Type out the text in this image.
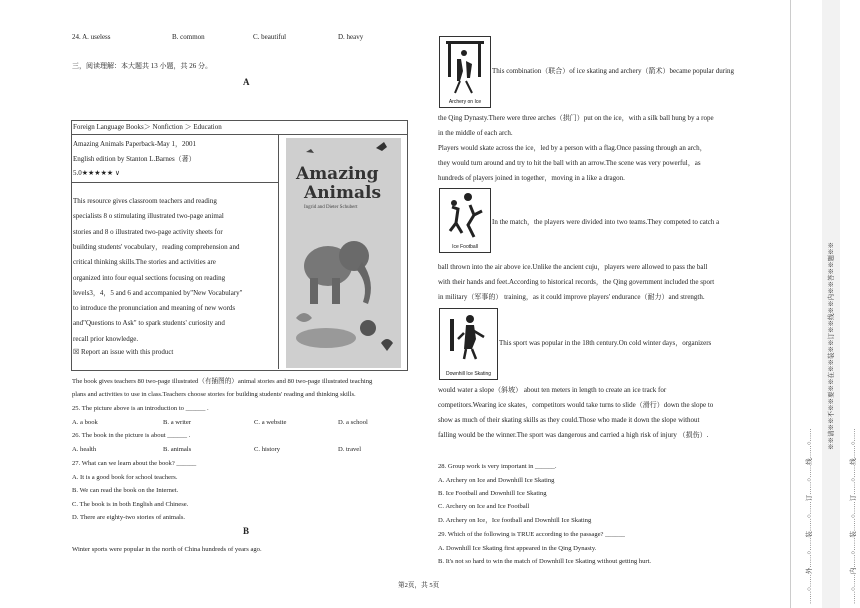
24. A. useless	B. common	C. beautiful	D. heavy
三，阅读理解：本大题共 13 小题，共 26 分。
A
Foreign Language Books＞ Nonfiction ＞ Education
Amazing Animals Paperback-May 1，2001
English edition by Stanton L.Barnes（著）
5.0★★★★★ ∨
This resource gives classroom teachers and reading
specialists 8 o stimulating illustrated two-page animal
stories and 8 o illustrated two-page activity sheets for
building students' vocabulary，reading comprehension and
critical thinking skills.The stories and activities are
organized into four equal sections focusing on reading
levels3，4，5 and 6 and accompanied by"New Vocabulary"
to introduce the pronunciation and meaning of new words
and"Questions to Ask" to spark students' curiosity and
recall prior knowledge.
☒ Report an issue with this product
Amazing
Animals
Ingrid and Dieter Schubert
The book gives teachers 80 two-page illustrated（有插图的）animal stories and 80 two-page illustrated teaching
plans and activities to use in class.Teachers choose stories for building students' reading and thinking skills.
25. The picture above is an introduction to ______ .
A. a book	B. a writer	C. a website	D. a school
26. The book in the picture is about ______ .
A. health	B. animals	C. history	D. travel
27. What can we learn about the book? ______
A. It is a good book for school teachers.
B. We can read the book on the Internet.
C. The book is in both English and Chinese.
D. There are eighty-two stories of animals.
B
Winter sports were popular in the north of China hundreds of years ago.
Archery on Ice
This combination（联合）of ice skating and archery（箭术）became popular during
the Qing Dynasty.There were three arches（拱门）put on the ice，with a silk ball hung by a rope
in the middle of each arch.
Players would skate across the ice，led by a person with a flag.Once passing through an arch，
they would turn around and try to hit the ball with an arrow.The scene was very powerful，as
hundreds of players joined in together，moving in a like a dragon.
Ice Football
In the match，the players were divided into two teams.They competed to catch a
ball thrown into the air above ice.Unlike the ancient cuju，players were allowed to pass the ball
with their hands and feet.According to historical records，the Qing government included the sport
in military（军事的） training，as it could improve players' endurance（耐力）and strength.
Downhill Ice Skating
This sport was popular in the 18th century.On cold winter days，organizers
would water a slope（斜坡） about ten meters in length to create an ice track for
competitors.Wearing ice skates，competitors would take turns to slide（滑行）down the slope to
show as much of their skating skills as they could.Those who made it down the slope without
falling would be the winner.The sport was dangerous and carried a high risk of injury （损伤）.
28. Group work is very important in ______.
A. Archery on Ice and Downhill Ice Skating
B. Ice Football and Downhill Ice Skating
C. Archery on Ice and Ice Football
D. Archery on Ice，Ice football and Downhill Ice Skating
29. Which of the following is TRUE according to the passage? ______
A. Downhill Ice Skating first appeared in the Qing Dynasty.
B. It's not so hard to win the match of Downhill Ice Skating without getting hurt.
第2页，共 5页	……○……外……○……装……○……订……○……线……○……
※※请※※不※※要※※在※※装※※订※※线※※内※※答※※题※※
……○……内……○……装……○……订……○……线……○……
